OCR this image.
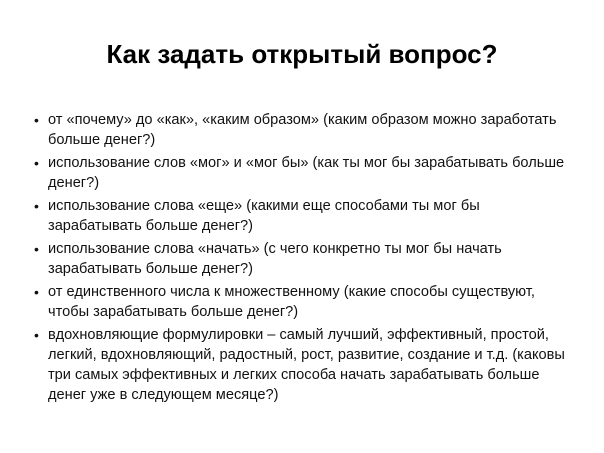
Как задать открытый вопрос?
• от «почему» до «как», «каким образом» (каким образом можно заработать больше денег?)
• использование слов «мог» и «мог бы» (как ты мог бы зарабатывать больше денег?)
• использование слова «еще» (какими еще способами ты мог бы зарабатывать больше денег?)
• использование слова «начать» (с чего конкретно ты мог бы начать зарабатывать больше денег?)
• от единственного числа к множественному (какие способы существуют, чтобы зарабатывать больше денег?)
• вдохновляющие формулировки – самый лучший, эффективный, простой, легкий, вдохновляющий, радостный, рост, развитие, создание и т.д. (каковы три самых эффективных и легких способа начать зарабатывать больше денег уже в следующем месяце?)
